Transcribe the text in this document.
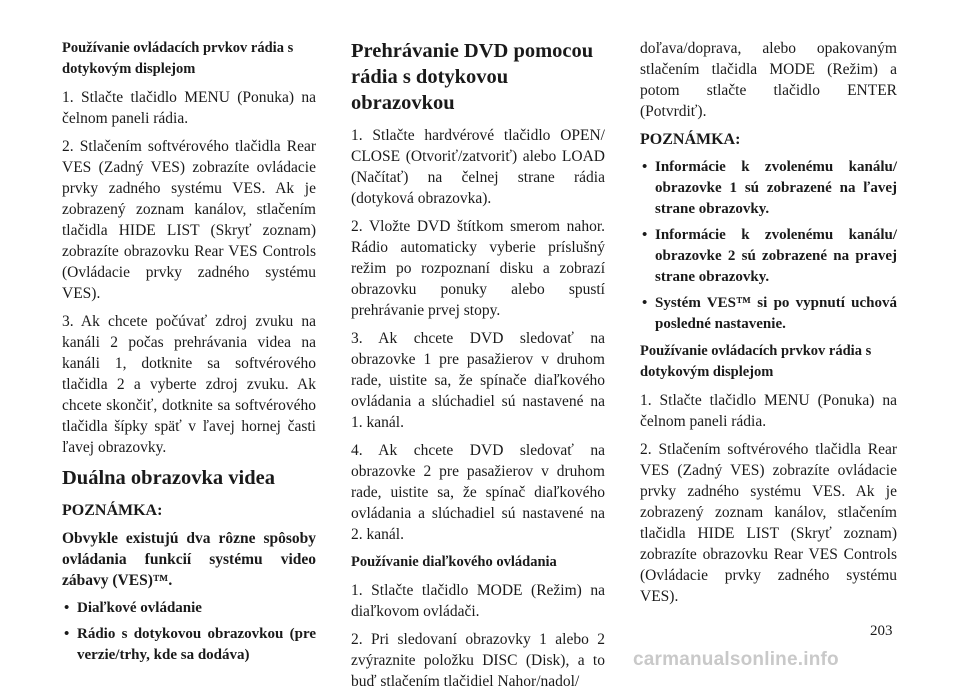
Používanie ovládacích prvkov rádia s dotykovým displejom

1. Stlačte tlačidlo MENU (Ponuka) na čelnom paneli rádia.

2. Stlačením softvérového tlačidla Rear VES (Zadný VES) zobrazíte ovládacie prvky zadného systému VES. Ak je zobrazený zoznam kanálov, stlačením tlačidla HIDE LIST (Skryť zoznam) zobrazíte obrazovku Rear VES Controls (Ovládacie prvky zadného systému VES).

3. Ak chcete počúvať zdroj zvuku na kanáli 2 počas prehrávania videa na kanáli 1, dotknite sa softvérového tlačidla 2 a vyberte zdroj zvuku. Ak chcete skončiť, dotknite sa softvérového tlačidla šípky späť v ľavej hornej časti ľavej obrazovky.

Duálna obrazovka videa
POZNÁMKA:

Obvykle existujú dva rôzne spôsoby ovládania funkcií systému video zábavy (VES)™.

• Diaľkové ovládanie
• Rádio s dotykovou obrazovkou (pre verzie/trhy, kde sa dodáva)
Prehrávanie DVD pomocou rádia s dotykovou obrazovkou

1. Stlačte hardvérové tlačidlo OPEN/ CLOSE (Otvoriť/zatvoriť) alebo LOAD (Načítať) na čelnej strane rádia (dotyková obrazovka).

2. Vložte DVD štítkom smerom nahor. Rádio automaticky vyberie príslušný režim po rozpoznaní disku a zobrazí obrazovku ponuky alebo spustí prehrávanie prvej stopy.

3. Ak chcete DVD sledovať na obrazovke 1 pre pasažierov v druhom rade, uistite sa, že spínače diaľkového ovládania a slúchadiel sú nastavené na 1. kanál.

4. Ak chcete DVD sledovať na obrazovke 2 pre pasažierov v druhom rade, uistite sa, že spínač diaľkového ovládania a slúchadiel sú nastavené na 2. kanál.

Používanie diaľkového ovládania

1. Stlačte tlačidlo MODE (Režim) na diaľkovom ovládači.

2. Pri sledovaní obrazovky 1 alebo 2 zvýraznite položku DISC (Disk), a to buď stlačením tlačidiel Nahor/nadol/

doľava/doprava, alebo opakovaným stlačením tlačidla MODE (Režim) a potom stlačte tlačidlo ENTER (Potvrdiť).

POZNÁMKA:
• Informácie k zvolenému kanálu/ obrazovke 1 sú zobrazené na ľavej strane obrazovky.
• Informácie k zvolenému kanálu/ obrazovke 2 sú zobrazené na pravej strane obrazovky.
• Systém VES™ si po vypnutí uchová posledné nastavenie.
Používanie ovládacích prvkov rádia s dotykovým displejom

1. Stlačte tlačidlo MENU (Ponuka) na čelnom paneli rádia.

2. Stlačením softvérového tlačidla Rear VES (Zadný VES) zobrazíte ovládacie prvky zadného systému VES. Ak je zobrazený zoznam kanálov, stlačením tlačidla HIDE LIST (Skryť zoznam) zobrazíte obrazovku Rear VES Controls (Ovládacie prvky zadného systému VES).

203
carmanualsonline.info
